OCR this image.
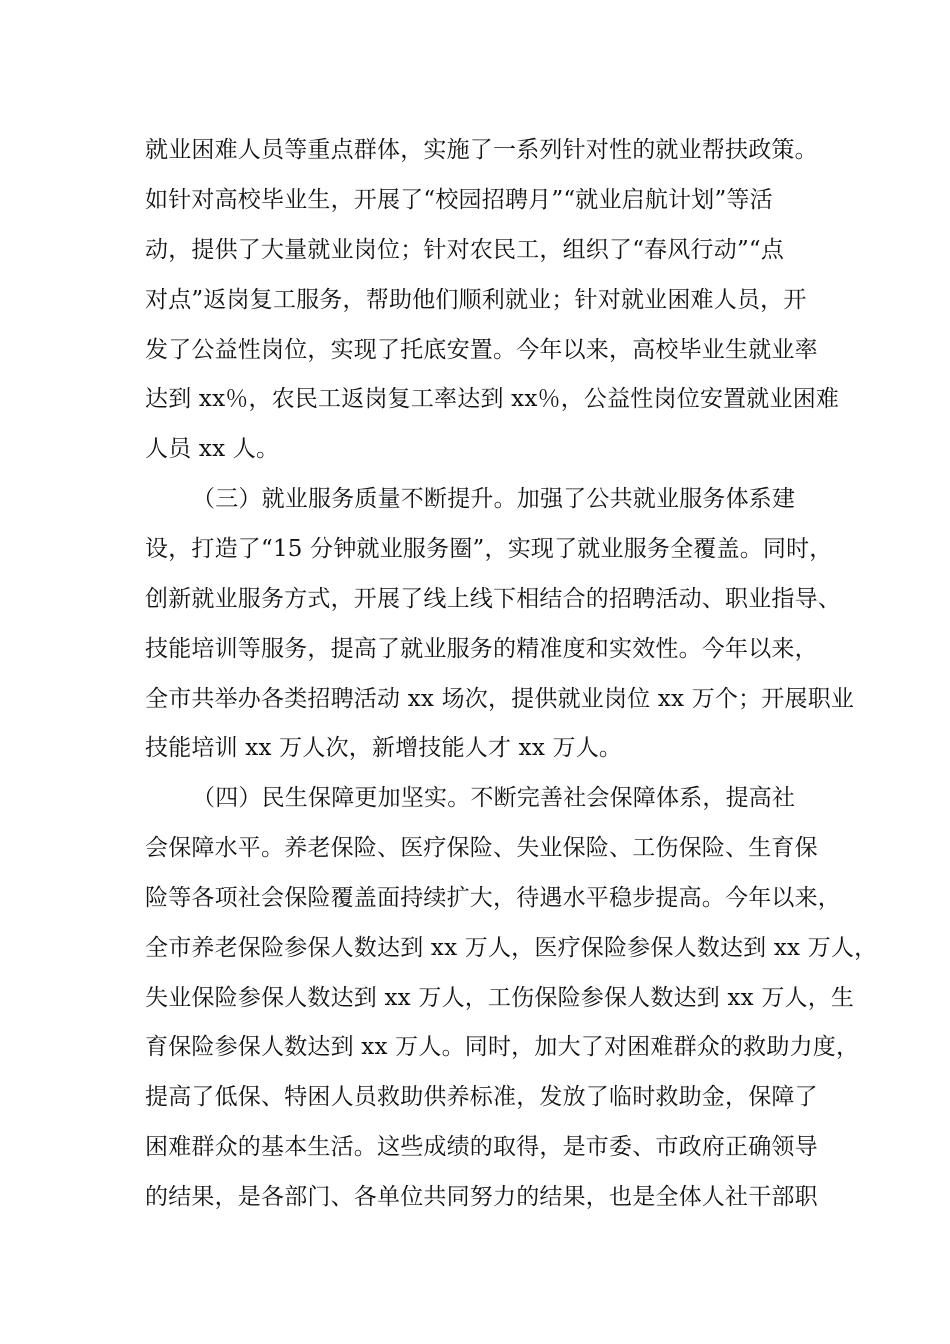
就业困难人员等重点群体，实施了一系列针对性的就业帮扶政策。
如针对高校毕业生，开展了“校园招聘月”“就业启航计划”等活
动，提供了大量就业岗位；针对农民工，组织了“春风行动”“点
对点”返岗复工服务，帮助他们顺利就业；针对就业困难人员，开
发了公益性岗位，实现了托底安置。今年以来，高校毕业生就业率
达到 xx％，农民工返岗复工率达到 xx％，公益性岗位安置就业困难
人员 xx 人。
（三）就业服务质量不断提升。加强了公共就业服务体系建
设，打造了“15 分钟就业服务圈”，实现了就业服务全覆盖。同时，
创新就业服务方式，开展了线上线下相结合的招聘活动、职业指导、
技能培训等服务，提高了就业服务的精准度和实效性。今年以来，
全市共举办各类招聘活动 xx 场次，提供就业岗位 xx 万个；开展职业
技能培训 xx 万人次，新增技能人才 xx 万人。
（四）民生保障更加坚实。不断完善社会保障体系，提高社
会保障水平。养老保险、医疗保险、失业保险、工伤保险、生育保
险等各项社会保险覆盖面持续扩大，待遇水平稳步提高。今年以来，
全市养老保险参保人数达到 xx 万人，医疗保险参保人数达到 xx 万人，
失业保险参保人数达到 xx 万人，工伤保险参保人数达到 xx 万人，生
育保险参保人数达到 xx 万人。同时，加大了对困难群众的救助力度，
提高了低保、特困人员救助供养标准，发放了临时救助金，保障了
困难群众的基本生活。这些成绩的取得，是市委、市政府正确领导
的结果，是各部门、各单位共同努力的结果，也是全体人社干部职
